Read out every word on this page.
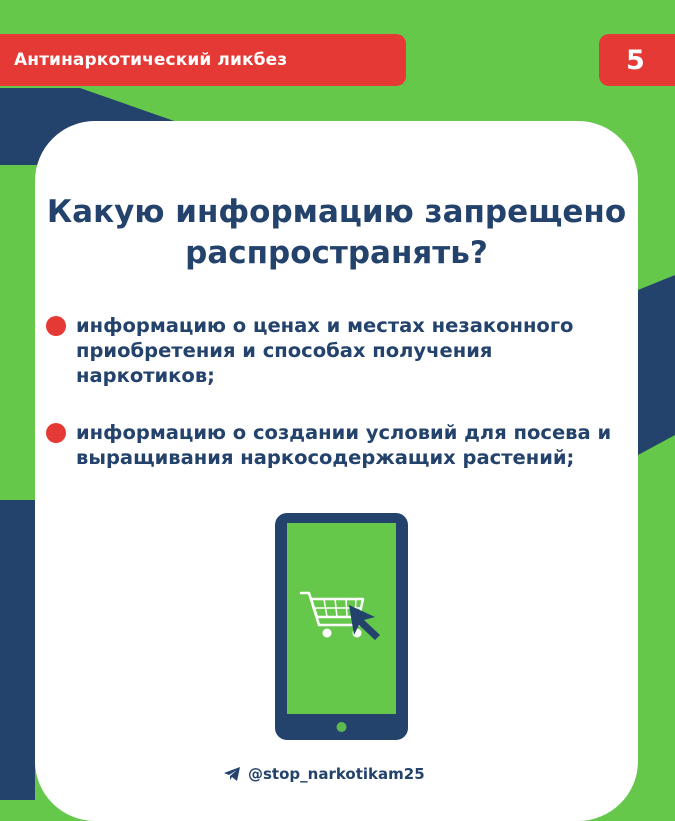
Антинаркотический ликбез	5
Какую информацию запрещено распространять?
информацию о ценах и местах незаконного приобретения и способах получения наркотиков;
информацию о создании условий для посева и выращивания наркосодержащих растений;
@stop_narkotikam25
